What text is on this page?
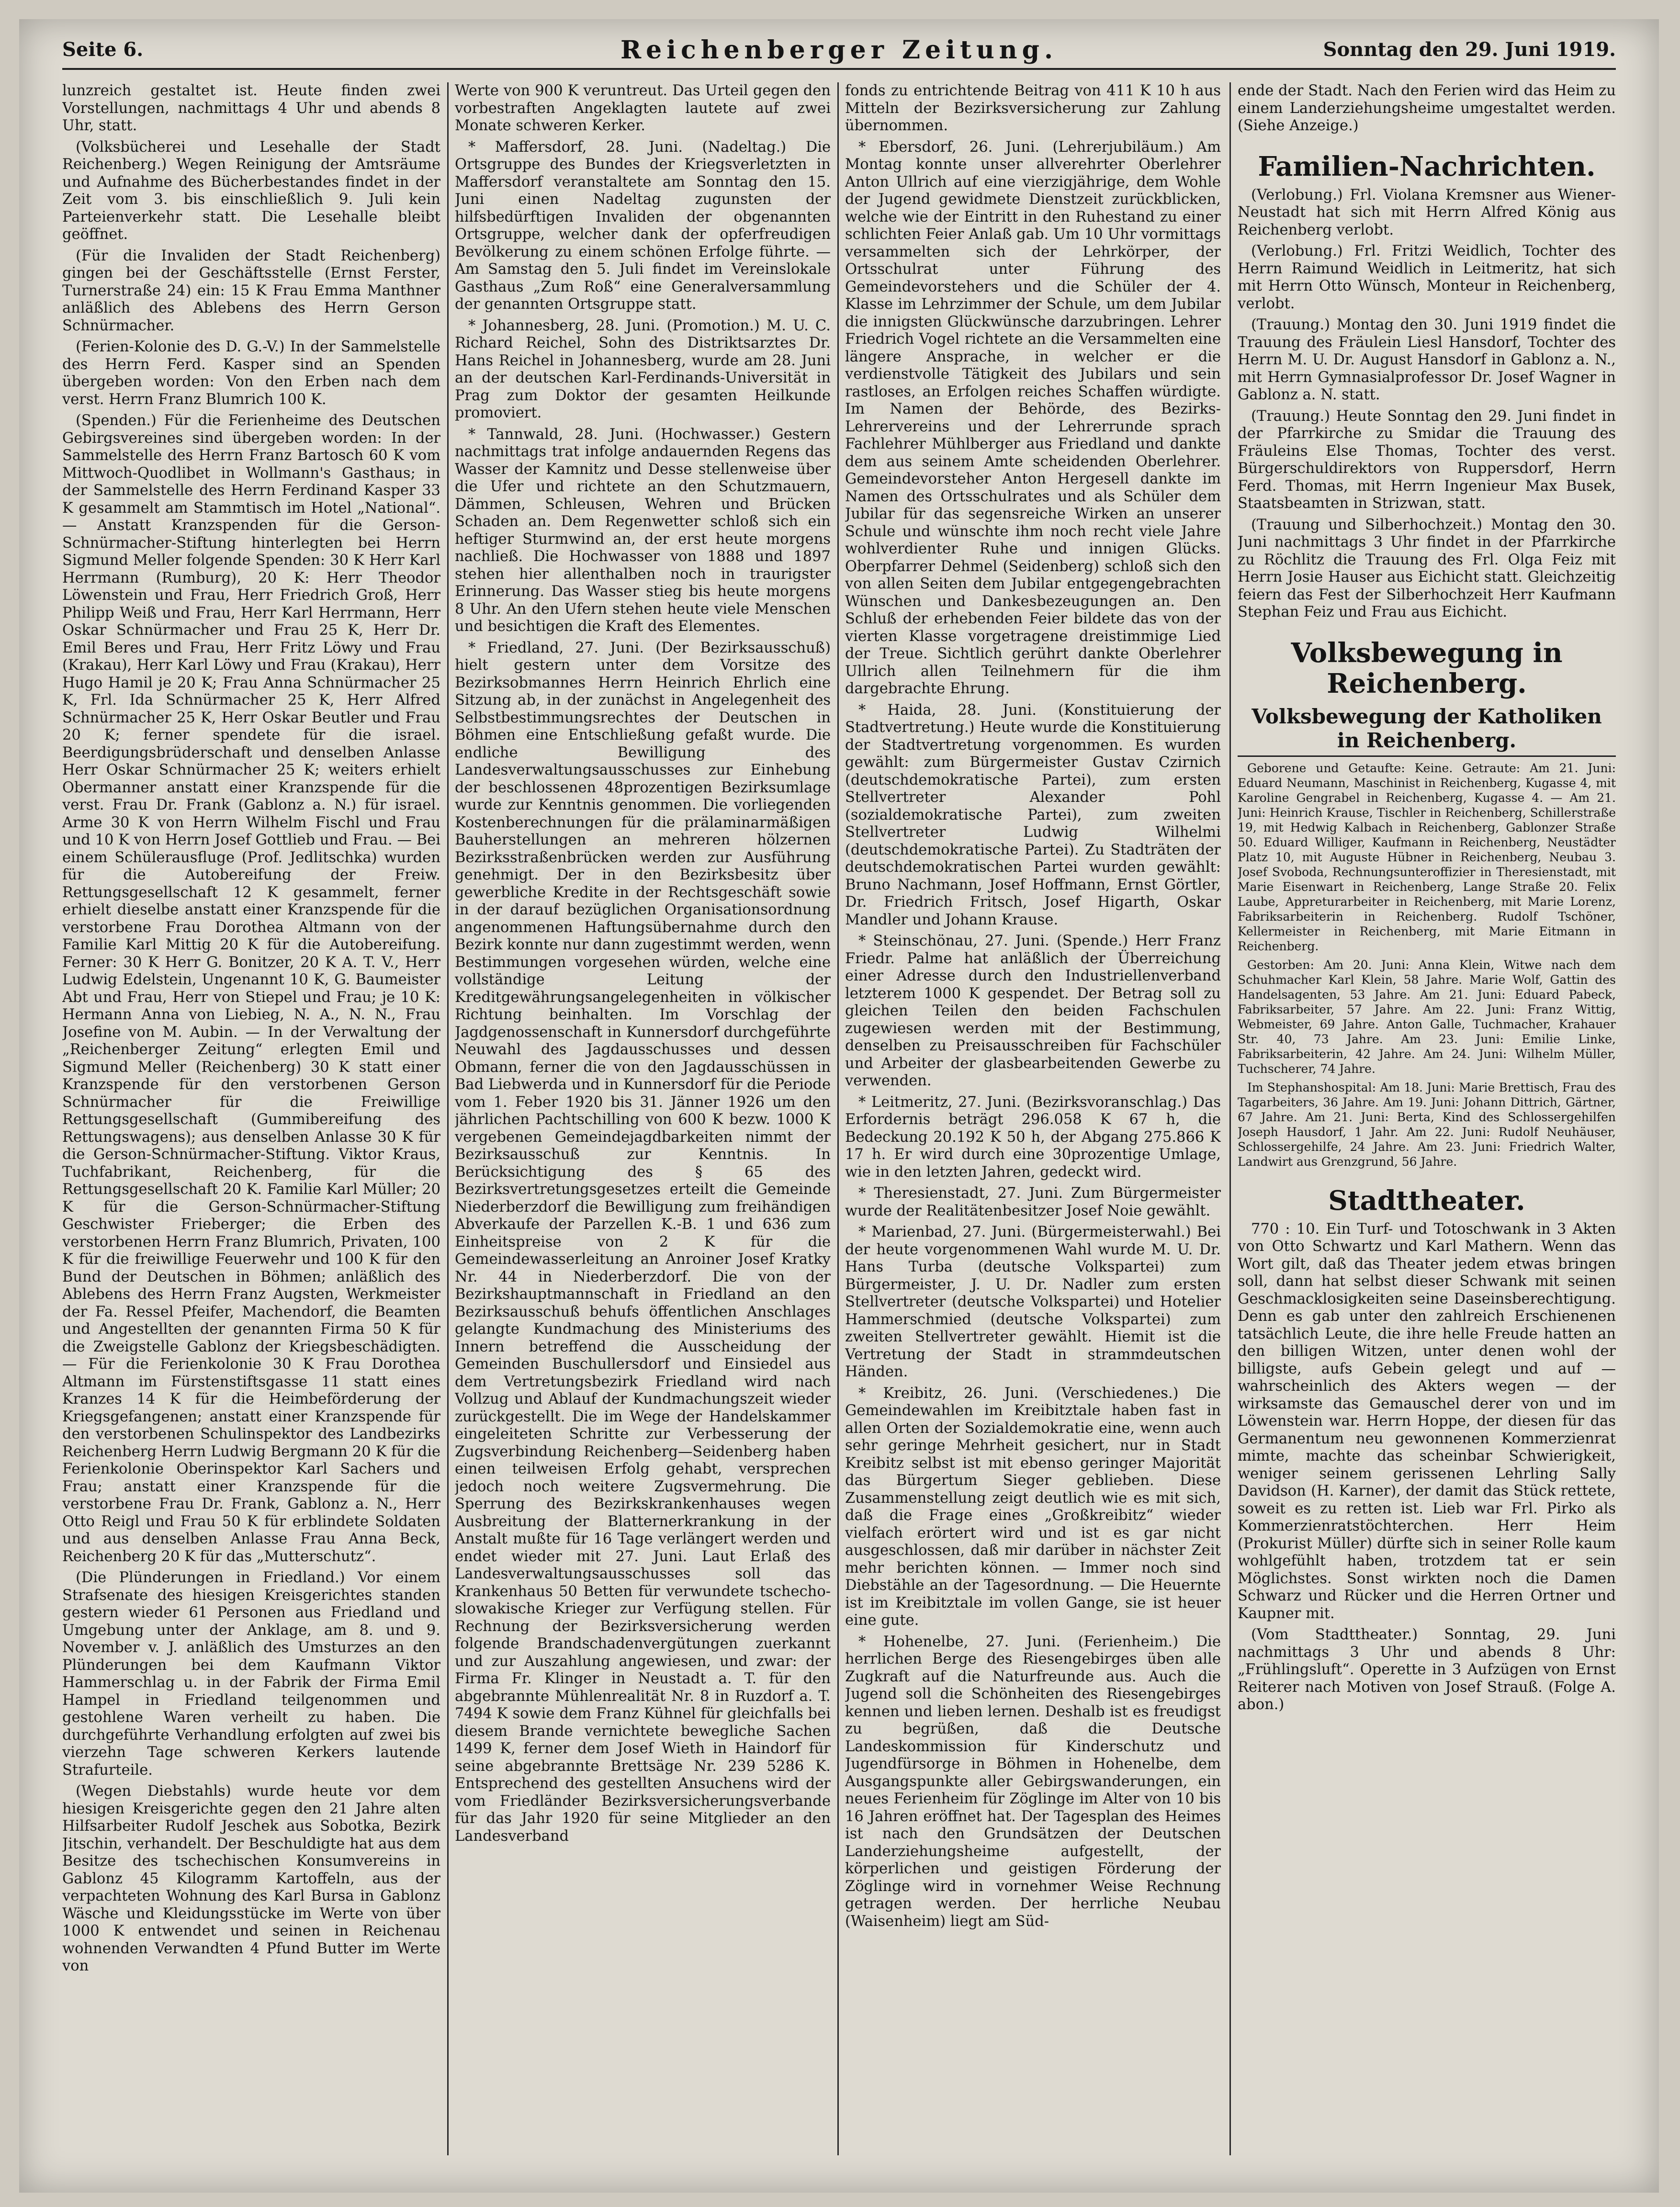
Seite 6.	Reichenberger Zeitung.	Sonntag den 29. Juni 1919.

lunzreich gestaltet ist. Heute finden zwei Vorstellungen, nachmittags 4 Uhr und abends 8 Uhr, statt.

(Volksbücherei und Lesehalle der Stadt Reichenberg.) Wegen Reinigung der Amtsräume und Aufnahme des Bücherbestandes findet in der Zeit vom 3. bis einschließlich 9. Juli kein Parteienverkehr statt. Die Lesehalle bleibt geöffnet.

(Für die Invaliden der Stadt Reichenberg) gingen bei der Geschäftsstelle (Ernst Ferster, Turnerstraße 24) ein: 15 K Frau Emma Manthner anläßlich des Ablebens des Herrn Gerson Schnürmacher.

(Ferien-Kolonie des D. G.-V.) In der Sammelstelle des Herrn Ferd. Kasper sind an Spenden übergeben worden: Von den Erben nach dem verst. Herrn Franz Blumrich 100 K.

(Spenden.) Für die Ferienheime des Deutschen Gebirgsvereines sind übergeben worden: In der Sammelstelle des Herrn Franz Bartosch 60 K vom Mittwoch-Quodlibet in Wollmann's Gasthaus; in der Sammelstelle des Herrn Ferdinand Kasper 33 K gesammelt am Stammtisch im Hotel „National“. — Anstatt Kranzspenden für die Gerson-Schnürmacher-Stiftung hinterlegten bei Herrn Sigmund Meller folgende Spenden: 30 K Herr Karl Herrmann (Rumburg), 20 K: Herr Theodor Löwenstein und Frau, Herr Friedrich Groß, Herr Philipp Weiß und Frau, Herr Karl Herrmann, Herr Oskar Schnürmacher und Frau 25 K, Herr Dr. Emil Beres und Frau, Herr Fritz Löwy und Frau (Krakau), Herr Karl Löwy und Frau (Krakau), Herr Hugo Hamil je 20 K; Frau Anna Schnürmacher 25 K, Frl. Ida Schnürmacher 25 K, Herr Alfred Schnürmacher 25 K, Herr Oskar Beutler und Frau 20 K; ferner spendete für die israel. Beerdigungsbrüderschaft und denselben Anlasse Herr Oskar Schnürmacher 25 K; weiters erhielt Obermanner anstatt einer Kranzspende für die verst. Frau Dr. Frank (Gablonz a. N.) für israel. Arme 30 K von Herrn Wilhelm Fischl und Frau und 10 K von Herrn Josef Gottlieb und Frau. — Bei einem Schülerausfluge (Prof. Jedlitschka) wurden für die Autobereifung der Freiw. Rettungsgesellschaft 12 K gesammelt, ferner erhielt dieselbe anstatt einer Kranzspende für die verstorbene Frau Dorothea Altmann von der Familie Karl Mittig 20 K für die Autobereifung. Ferner: 30 K Herr G. Bonitzer, 20 K A. T. V., Herr Ludwig Edelstein, Ungenannt 10 K, G. Baumeister Abt und Frau, Herr von Stiepel und Frau; je 10 K: Hermann Anna von Liebieg, N. A., N. N., Frau Josefine von M. Aubin. — In der Verwaltung der „Reichenberger Zeitung“ erlegten Emil und Sigmund Meller (Reichenberg) 30 K statt einer Kranzspende für den verstorbenen Gerson Schnürmacher für die Freiwillige Rettungsgesellschaft (Gummibereifung des Rettungswagens); aus denselben Anlasse 30 K für die Gerson-Schnürmacher-Stiftung. Viktor Kraus, Tuchfabrikant, Reichenberg, für die Rettungsgesellschaft 20 K. Familie Karl Müller; 20 K für die Gerson-Schnürmacher-Stiftung Geschwister Frieberger; die Erben des verstorbenen Herrn Franz Blumrich, Privaten, 100 K für die freiwillige Feuerwehr und 100 K für den Bund der Deutschen in Böhmen; anläßlich des Ablebens des Herrn Franz Augsten, Werkmeister der Fa. Ressel Pfeifer, Machendorf, die Beamten und Angestellten der genannten Firma 50 K für die Zweigstelle Gablonz der Kriegsbeschädigten. — Für die Ferienkolonie 30 K Frau Dorothea Altmann im Fürstenstiftsgasse 11 statt eines Kranzes 14 K für die Heimbeförderung der Kriegsgefangenen; anstatt einer Kranzspende für den verstorbenen Schulinspektor des Landbezirks Reichenberg Herrn Ludwig Bergmann 20 K für die Ferienkolonie Oberinspektor Karl Sachers und Frau; anstatt einer Kranzspende für die verstorbene Frau Dr. Frank, Gablonz a. N., Herr Otto Reigl und Frau 50 K für erblindete Soldaten und aus denselben Anlasse Frau Anna Beck, Reichenberg 20 K für das „Mutterschutz“.

(Die Plünderungen in Friedland.) Vor einem Strafsenate des hiesigen Kreisgerichtes standen gestern wieder 61 Personen aus Friedland und Umgebung unter der Anklage, am 8. und 9. November v. J. anläßlich des Umsturzes an den Plünderungen bei dem Kaufmann Viktor Hammerschlag u. in der Fabrik der Firma Emil Hampel in Friedland teilgenommen und gestohlene Waren verheilt zu haben. Die durchgeführte Verhandlung erfolgten auf zwei bis vierzehn Tage schweren Kerkers lautende Strafurteile.

(Wegen Diebstahls) wurde heute vor dem hiesigen Kreisgerichte gegen den 21 Jahre alten Hilfsarbeiter Rudolf Jeschek aus Sobotka, Bezirk Jitschin, verhandelt. Der Beschuldigte hat aus dem Besitze des tschechischen Konsumvereins in Gablonz 45 Kilogramm Kartoffeln, aus der verpachteten Wohnung des Karl Bursa in Gablonz Wäsche und Kleidungsstücke im Werte von über 1000 K entwendet und seinen in Reichenau wohnenden Verwandten 4 Pfund Butter im Werte von

Werte von 900 K veruntreut. Das Urteil gegen den vorbestraften Angeklagten lautete auf zwei Monate schweren Kerker.

* Maffersdorf, 28. Juni. (Nadeltag.) Die Ortsgruppe des Bundes der Kriegsverletzten in Maffersdorf veranstaltete am Sonntag den 15. Juni einen Nadeltag zugunsten der hilfsbedürftigen Invaliden der obgenannten Ortsgruppe, welcher dank der opferfreudigen Bevölkerung zu einem schönen Erfolge führte. — Am Samstag den 5. Juli findet im Vereinslokale Gasthaus „Zum Roß“ eine Generalversammlung der genannten Ortsgruppe statt.

* Johannesberg, 28. Juni. (Promotion.) M. U. C. Richard Reichel, Sohn des Distriktsarztes Dr. Hans Reichel in Johannesberg, wurde am 28. Juni an der deutschen Karl-Ferdinands-Universität in Prag zum Doktor der gesamten Heilkunde promoviert.

* Tannwald, 28. Juni. (Hochwasser.) Gestern nachmittags trat infolge andauernden Regens das Wasser der Kamnitz und Desse stellenweise über die Ufer und richtete an den Schutzmauern, Dämmen, Schleusen, Wehren und Brücken Schaden an. Dem Regenwetter schloß sich ein heftiger Sturmwind an, der erst heute morgens nachließ. Die Hochwasser von 1888 und 1897 stehen hier allenthalben noch in traurigster Erinnerung. Das Wasser stieg bis heute morgens 8 Uhr. An den Ufern stehen heute viele Menschen und besichtigen die Kraft des Elementes.

* Friedland, 27. Juni. (Der Bezirksausschuß) hielt gestern unter dem Vorsitze des Bezirksobmannes Herrn Heinrich Ehrlich eine Sitzung ab, in der zunächst in Angelegenheit des Selbstbestimmungsrechtes der Deutschen in Böhmen eine Entschließung gefaßt wurde. Die endliche Bewilligung des Landesverwaltungsausschusses zur Einhebung der beschlossenen 48prozentigen Bezirksumlage wurde zur Kenntnis genommen. Die vorliegenden Kostenberechnungen für die prälaminarmäßigen Bauherstellungen an mehreren hölzernen Bezirksstraßenbrücken werden zur Ausführung genehmigt. Der in den Bezirksbesitz über gewerbliche Kredite in der Rechtsgeschäft sowie in der darauf bezüglichen Organisationsordnung angenommenen Haftungsübernahme durch den Bezirk konnte nur dann zugestimmt werden, wenn Bestimmungen vorgesehen würden, welche eine vollständige Leitung der Kreditgewährungsangelegenheiten in völkischer Richtung beinhalten. Im Vorschlag der Jagdgenossenschaft in Kunnersdorf durchgeführte Neuwahl des Jagdausschusses und dessen Obmann, ferner die von den Jagdausschüssen in Bad Liebwerda und in Kunnersdorf für die Periode vom 1. Feber 1920 bis 31. Jänner 1926 um den jährlichen Pachtschilling von 600 K bezw. 1000 K vergebenen Gemeindejagdbarkeiten nimmt der Bezirksausschuß zur Kenntnis. In Berücksichtigung des § 65 des Bezirksvertretungsgesetzes erteilt die Gemeinde Niederberzdorf die Bewilligung zum freihändigen Abverkaufe der Parzellen K.-B. 1 und 636 zum Einheitspreise von 2 K für die Gemeindewasserleitung an Anroiner Josef Kratky Nr. 44 in Niederberzdorf. Die von der Bezirkshauptmannschaft in Friedland an den Bezirksausschuß behufs öffentlichen Anschlages gelangte Kundmachung des Ministeriums des Innern betreffend die Ausscheidung der Gemeinden Buschullersdorf und Einsiedel aus dem Vertretungsbezirk Friedland wird nach Vollzug und Ablauf der Kundmachungszeit wieder zurückgestellt. Die im Wege der Handelskammer eingeleiteten Schritte zur Verbesserung der Zugsverbindung Reichenberg—Seidenberg haben einen teilweisen Erfolg gehabt, versprechen jedoch noch weitere Zugsvermehrung. Die Sperrung des Bezirkskrankenhauses wegen Ausbreitung der Blatternerkrankung in der Anstalt mußte für 16 Tage verlängert werden und endet wieder mit 27. Juni. Laut Erlaß des Landesverwaltungsausschusses soll das Krankenhaus 50 Betten für verwundete tschecho-slowakische Krieger zur Verfügung stellen. Für Rechnung der Bezirksversicherung werden folgende Brandschadenvergütungen zuerkannt und zur Auszahlung angewiesen, und zwar: der Firma Fr. Klinger in Neustadt a. T. für den abgebrannte Mühlenrealität Nr. 8 in Ruzdorf a. T. 7494 K sowie dem Franz Kühnel für gleichfalls bei diesem Brande vernichtete bewegliche Sachen 1499 K, ferner dem Josef Wieth in Haindorf für seine abgebrannte Brettsäge Nr. 239 5286 K. Entsprechend des gestellten Ansuchens wird der vom Friedländer Bezirksversicherungsverbande für das Jahr 1920 für seine Mitglieder an den Landesverband

fonds zu entrichtende Beitrag von 411 K 10 h aus Mitteln der Bezirksversicherung zur Zahlung übernommen.

* Ebersdorf, 26. Juni. (Lehrerjubiläum.) Am Montag konnte unser allverehrter Oberlehrer Anton Ullrich auf eine vierzigjährige, dem Wohle der Jugend gewidmete Dienstzeit zurückblicken, welche wie der Eintritt in den Ruhestand zu einer schlichten Feier Anlaß gab. Um 10 Uhr vormittags versammelten sich der Lehrkörper, der Ortsschulrat unter Führung des Gemeindevorstehers und die Schüler der 4. Klasse im Lehrzimmer der Schule, um dem Jubilar die innigsten Glückwünsche darzubringen. Lehrer Friedrich Vogel richtete an die Versammelten eine längere Ansprache, in welcher er die verdienstvolle Tätigkeit des Jubilars und sein rastloses, an Erfolgen reiches Schaffen würdigte. Im Namen der Behörde, des Bezirks-Lehrervereins und der Lehrerrunde sprach Fachlehrer Mühlberger aus Friedland und dankte dem aus seinem Amte scheidenden Oberlehrer. Gemeindevorsteher Anton Hergesell dankte im Namen des Ortsschulrates und als Schüler dem Jubilar für das segensreiche Wirken an unserer Schule und wünschte ihm noch recht viele Jahre wohlverdienter Ruhe und innigen Glücks. Oberpfarrer Dehmel (Seidenberg) schloß sich den von allen Seiten dem Jubilar entgegengebrachten Wünschen und Dankesbezeugungen an. Den Schluß der erhebenden Feier bildete das von der vierten Klasse vorgetragene dreistimmige Lied der Treue. Sichtlich gerührt dankte Oberlehrer Ullrich allen Teilnehmern für die ihm dargebrachte Ehrung.

* Haida, 28. Juni. (Konstituierung der Stadtvertretung.) Heute wurde die Konstituierung der Stadtvertretung vorgenommen. Es wurden gewählt: zum Bürgermeister Gustav Czirnich (deutschdemokratische Partei), zum ersten Stellvertreter Alexander Pohl (sozialdemokratische Partei), zum zweiten Stellvertreter Ludwig Wilhelmi (deutschdemokratische Partei). Zu Stadträten der deutschdemokratischen Partei wurden gewählt: Bruno Nachmann, Josef Hoffmann, Ernst Görtler, Dr. Friedrich Fritsch, Josef Higarth, Oskar Mandler und Johann Krause.

* Steinschönau, 27. Juni. (Spende.) Herr Franz Friedr. Palme hat anläßlich der Überreichung einer Adresse durch den Industriellenverband letzterem 1000 K gespendet. Der Betrag soll zu gleichen Teilen den beiden Fachschulen zugewiesen werden mit der Bestimmung, denselben zu Preisausschreiben für Fachschüler und Arbeiter der glasbearbeitenden Gewerbe zu verwenden.

* Leitmeritz, 27. Juni. (Bezirksvoranschlag.) Das Erfordernis beträgt 296.058 K 67 h, die Bedeckung 20.192 K 50 h, der Abgang 275.866 K 17 h. Er wird durch eine 30prozentige Umlage, wie in den letzten Jahren, gedeckt wird.

* Theresienstadt, 27. Juni. Zum Bürgermeister wurde der Realitätenbesitzer Josef Noie gewählt.

* Marienbad, 27. Juni. (Bürgermeisterwahl.) Bei der heute vorgenommenen Wahl wurde M. U. Dr. Hans Turba (deutsche Volkspartei) zum Bürgermeister, J. U. Dr. Nadler zum ersten Stellvertreter (deutsche Volkspartei) und Hotelier Hammerschmied (deutsche Volkspartei) zum zweiten Stellvertreter gewählt. Hiemit ist die Vertretung der Stadt in strammdeutschen Händen.

* Kreibitz, 26. Juni. (Verschiedenes.) Die Gemeindewahlen im Kreibitztale haben fast in allen Orten der Sozialdemokratie eine, wenn auch sehr geringe Mehrheit gesichert, nur in Stadt Kreibitz selbst ist mit ebenso geringer Majorität das Bürgertum Sieger geblieben. Diese Zusammenstellung zeigt deutlich wie es mit sich, daß die Frage eines „Großkreibitz“ wieder vielfach erörtert wird und ist es gar nicht ausgeschlossen, daß mir darüber in nächster Zeit mehr berichten können. — Immer noch sind Diebstähle an der Tagesordnung. — Die Heuernte ist im Kreibitztale im vollen Gange, sie ist heuer eine gute.

* Hohenelbe, 27. Juni. (Ferienheim.) Die herrlichen Berge des Riesengebirges üben alle Zugkraft auf die Naturfreunde aus. Auch die Jugend soll die Schönheiten des Riesengebirges kennen und lieben lernen. Deshalb ist es freudigst zu begrüßen, daß die Deutsche Landeskommission für Kinderschutz und Jugendfürsorge in Böhmen in Hohenelbe, dem Ausgangspunkte aller Gebirgswanderungen, ein neues Ferienheim für Zöglinge im Alter von 10 bis 16 Jahren eröffnet hat. Der Tagesplan des Heimes ist nach den Grundsätzen der Deutschen Landerziehungsheime aufgestellt, der körperlichen und geistigen Förderung der Zöglinge wird in vornehmer Weise Rechnung getragen werden. Der herrliche Neubau (Waisenheim) liegt am Süd-

ende der Stadt. Nach den Ferien wird das Heim zu einem Landerziehungsheime umgestaltet werden. (Siehe Anzeige.)

Familien-Nachrichten.

(Verlobung.) Frl. Violana Kremsner aus Wiener-Neustadt hat sich mit Herrn Alfred König aus Reichenberg verlobt.

(Verlobung.) Frl. Fritzi Weidlich, Tochter des Herrn Raimund Weidlich in Leitmeritz, hat sich mit Herrn Otto Wünsch, Monteur in Reichenberg, verlobt.

(Trauung.) Montag den 30. Juni 1919 findet die Trauung des Fräulein Liesl Hansdorf, Tochter des Herrn M. U. Dr. August Hansdorf in Gablonz a. N., mit Herrn Gymnasialprofessor Dr. Josef Wagner in Gablonz a. N. statt.

(Trauung.) Heute Sonntag den 29. Juni findet in der Pfarrkirche zu Smidar die Trauung des Fräuleins Else Thomas, Tochter des verst. Bürgerschuldirektors von Ruppersdorf, Herrn Ferd. Thomas, mit Herrn Ingenieur Max Busek, Staatsbeamten in Strizwan, statt.

(Trauung und Silberhochzeit.) Montag den 30. Juni nachmittags 3 Uhr findet in der Pfarrkirche zu Röchlitz die Trauung des Frl. Olga Feiz mit Herrn Josie Hauser aus Eichicht statt. Gleichzeitig feiern das Fest der Silberhochzeit Herr Kaufmann Stephan Feiz und Frau aus Eichicht.

Volksbewegung in Reichenberg.
Volksbewegung der Katholiken in Reichenberg.

Geborene und Getaufte: Keine. Getraute: Am 21. Juni: Eduard Neumann, Maschinist in Reichenberg, Kugasse 4, mit Karoline Gengrabel in Reichenberg, Kugasse 4. — Am 21. Juni: Heinrich Krause, Tischler in Reichenberg, Schillerstraße 19, mit Hedwig Kalbach in Reichenberg, Gablonzer Straße 50. Eduard Williger, Kaufmann in Reichenberg, Neustädter Platz 10, mit Auguste Hübner in Reichenberg, Neubau 3. Josef Svoboda, Rechnungsunteroffizier in Theresienstadt, mit Marie Eisenwart in Reichenberg, Lange Straße 20. Felix Laube, Appreturarbeiter in Reichenberg, mit Marie Lorenz, Fabriksarbeiterin in Reichenberg. Rudolf Tschöner, Kellermeister in Reichenberg, mit Marie Eitmann in Reichenberg.

Gestorben: Am 20. Juni: Anna Klein, Witwe nach dem Schuhmacher Karl Klein, 58 Jahre. Marie Wolf, Gattin des Handelsagenten, 53 Jahre. Am 21. Juni: Eduard Pabeck, Fabriksarbeiter, 57 Jahre. Am 22. Juni: Franz Wittig, Webmeister, 69 Jahre. Anton Galle, Tuchmacher, Krahauer Str. 40, 73 Jahre. Am 23. Juni: Emilie Linke, Fabriksarbeiterin, 42 Jahre. Am 24. Juni: Wilhelm Müller, Tuchscherer, 74 Jahre.

Im Stephanshospital: Am 18. Juni: Marie Brettisch, Frau des Tagarbeiters, 36 Jahre. Am 19. Juni: Johann Dittrich, Gärtner, 67 Jahre. Am 21. Juni: Berta, Kind des Schlossergehilfen Joseph Hausdorf, 1 Jahr. Am 22. Juni: Rudolf Neuhäuser, Schlossergehilfe, 24 Jahre. Am 23. Juni: Friedrich Walter, Landwirt aus Grenzgrund, 56 Jahre.

Stadttheater.

770 : 10. Ein Turf- und Totoschwank in 3 Akten von Otto Schwartz und Karl Mathern. Wenn das Wort gilt, daß das Theater jedem etwas bringen soll, dann hat selbst dieser Schwank mit seinen Geschmacklosigkeiten seine Daseinsberechtigung. Denn es gab unter den zahlreich Erschienenen tatsächlich Leute, die ihre helle Freude hatten an den billigen Witzen, unter denen wohl der billigste, aufs Gebein gelegt und auf — wahrscheinlich des Akters wegen — der wirksamste das Gemauschel derer von und im Löwenstein war. Herrn Hoppe, der diesen für das Germanentum neu gewonnenen Kommerzienrat mimte, machte das scheinbar Schwierigkeit, weniger seinem gerissenen Lehrling Sally Davidson (H. Karner), der damit das Stück rettete, soweit es zu retten ist. Lieb war Frl. Pirko als Kommerzienratstöchterchen. Herr Heim (Prokurist Müller) dürfte sich in seiner Rolle kaum wohlgefühlt haben, trotzdem tat er sein Möglichstes. Sonst wirkten noch die Damen Schwarz und Rücker und die Herren Ortner und Kaupner mit.

(Vom Stadttheater.) Sonntag, 29. Juni nachmittags 3 Uhr und abends 8 Uhr: „Frühlingsluft“. Operette in 3 Aufzügen von Ernst Reiterer nach Motiven von Josef Strauß. (Folge A. abon.)
